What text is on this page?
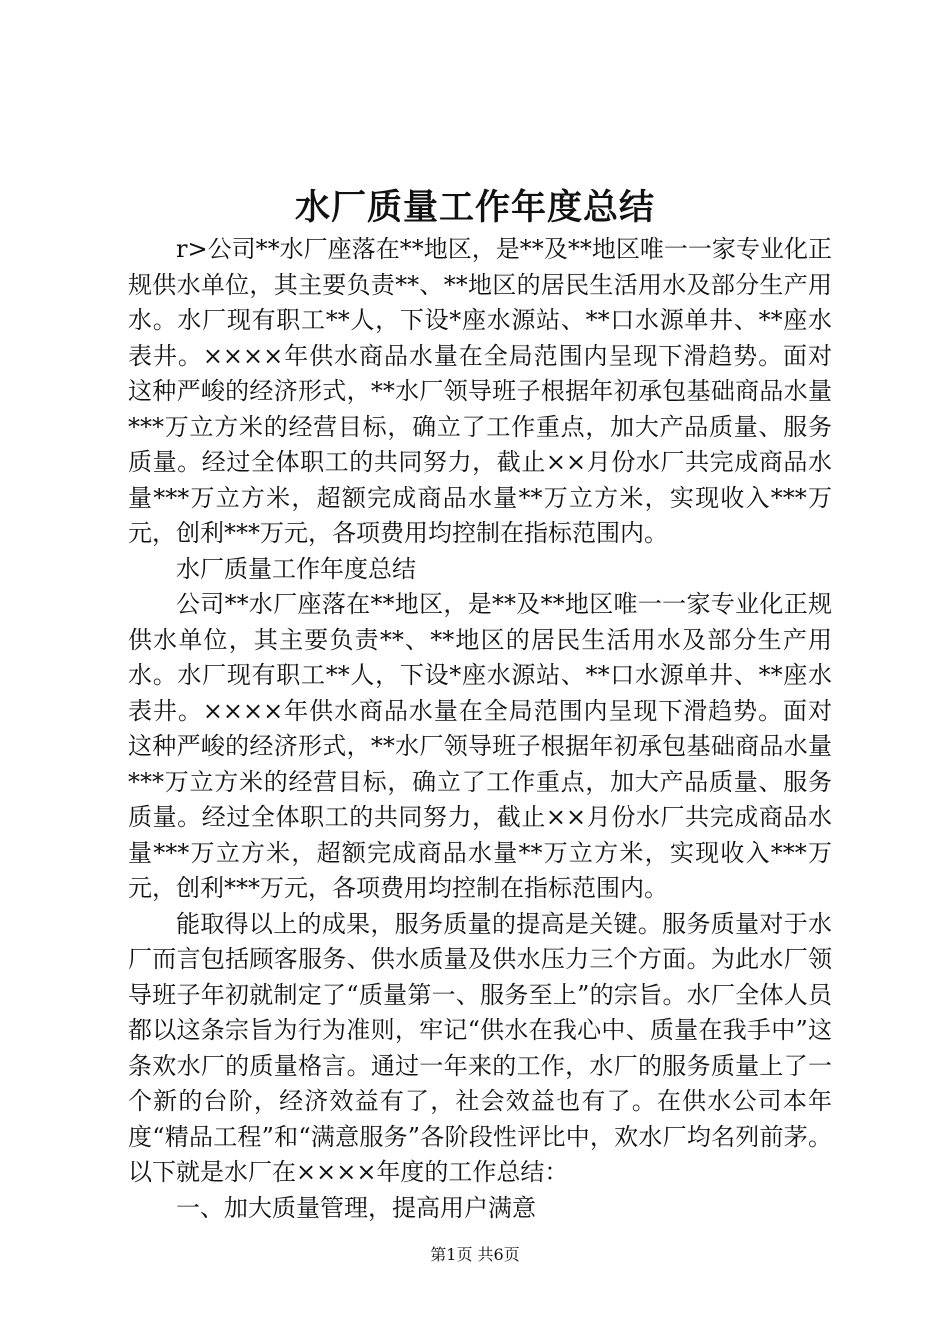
水厂质量工作年度总结

r>公司**水厂座落在**地区，是**及**地区唯一一家专业化正规供水单位，其主要负责**、**地区的居民生活用水及部分生产用水。水厂现有职工**人，下设*座水源站、**口水源单井、**座水表井。××××年供水商品水量在全局范围内呈现下滑趋势。面对这种严峻的经济形式，**水厂领导班子根据年初承包基础商品水量***万立方米的经营目标，确立了工作重点，加大产品质量、服务质量。经过全体职工的共同努力，截止××月份水厂共完成商品水量***万立方米，超额完成商品水量**万立方米，实现收入***万元，创利***万元，各项费用均控制在指标范围内。

水厂质量工作年度总结

公司**水厂座落在**地区，是**及**地区唯一一家专业化正规供水单位，其主要负责**、**地区的居民生活用水及部分生产用水。水厂现有职工**人，下设*座水源站、**口水源单井、**座水表井。××××年供水商品水量在全局范围内呈现下滑趋势。面对这种严峻的经济形式，**水厂领导班子根据年初承包基础商品水量***万立方米的经营目标，确立了工作重点，加大产品质量、服务质量。经过全体职工的共同努力，截止××月份水厂共完成商品水量***万立方米，超额完成商品水量**万立方米，实现收入***万元，创利***万元，各项费用均控制在指标范围内。

能取得以上的成果，服务质量的提高是关键。服务质量对于水厂而言包括顾客服务、供水质量及供水压力三个方面。为此水厂领导班子年初就制定了“质量第一、服务至上”的宗旨。水厂全体人员都以这条宗旨为行为准则，牢记“供水在我心中、质量在我手中”这条欢水厂的质量格言。通过一年来的工作，水厂的服务质量上了一个新的台阶，经济效益有了，社会效益也有了。在供水公司本年度“精品工程”和“满意服务”各阶段性评比中，欢水厂均名列前茅。以下就是水厂在××××年度的工作总结：

一、加大质量管理，提高用户满意

第1页 共6页
